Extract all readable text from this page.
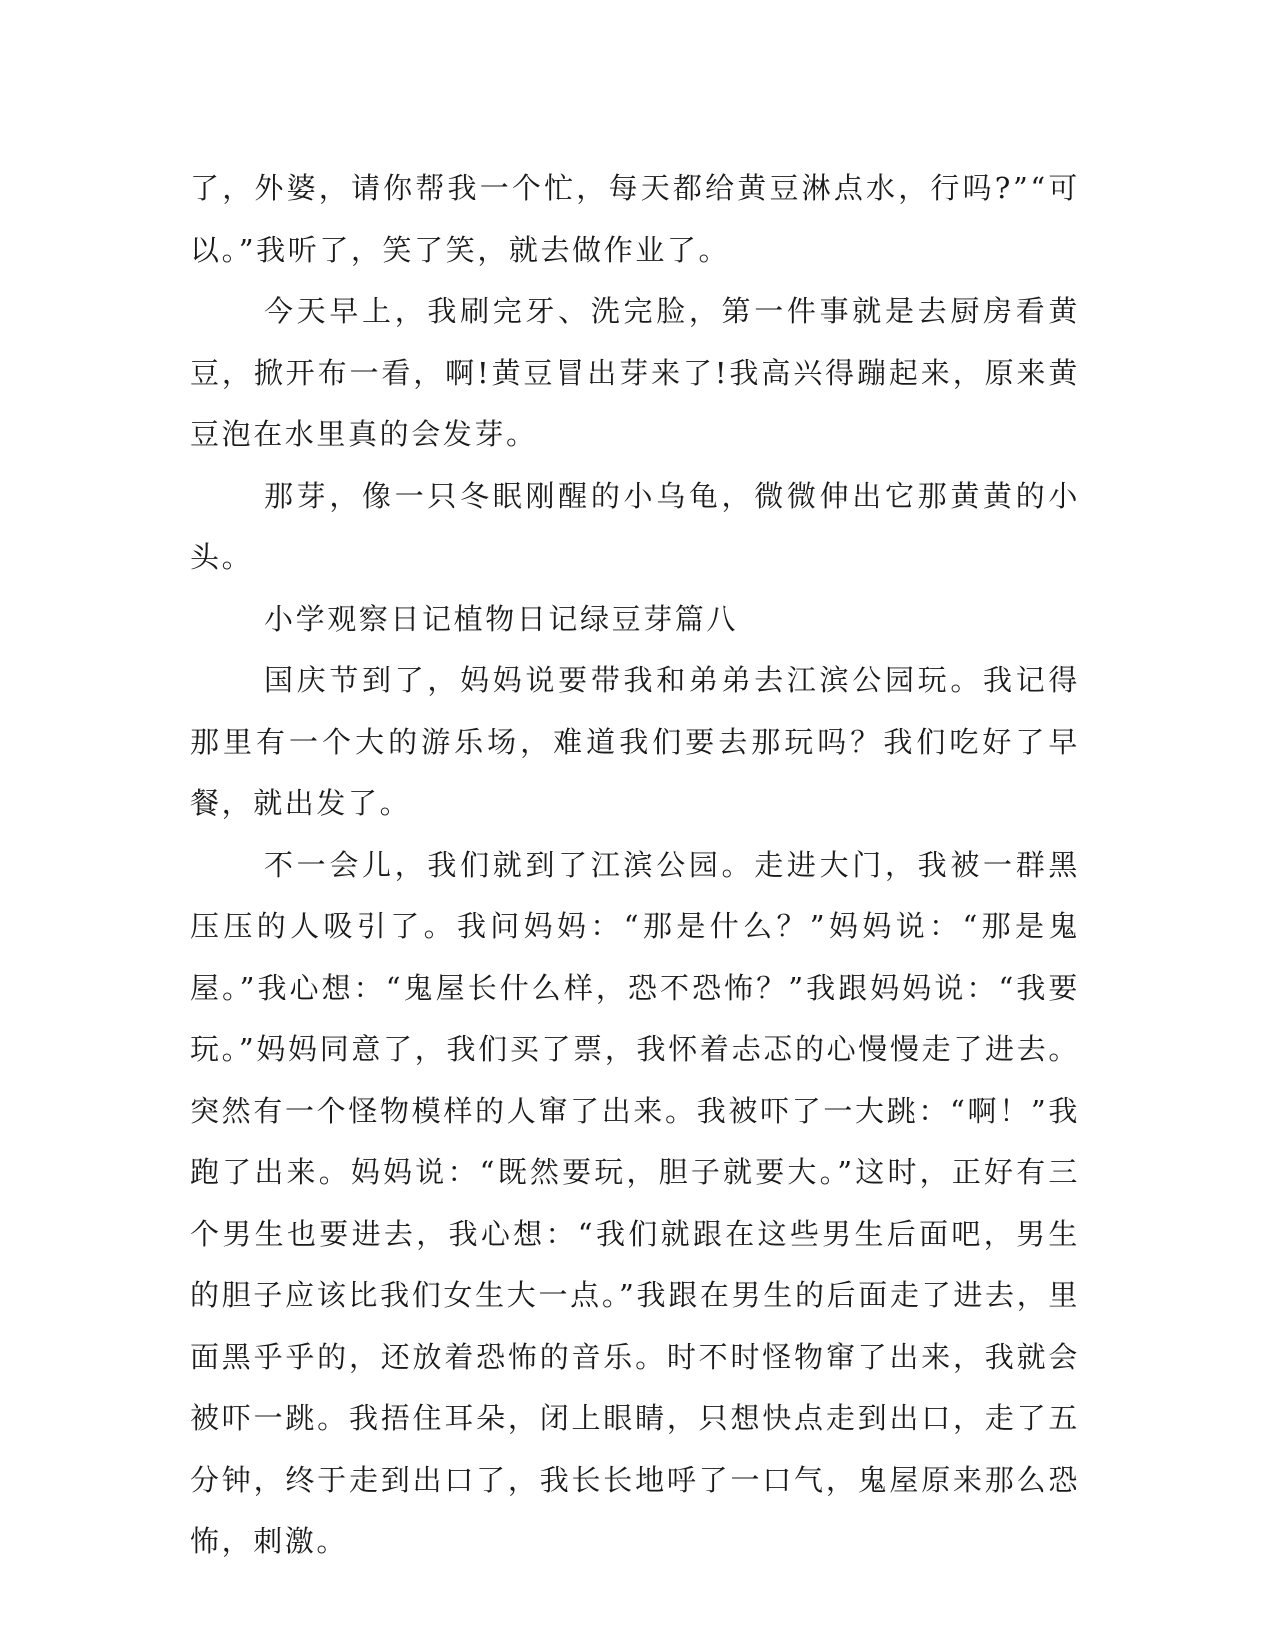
了，外婆，请你帮我一个忙，每天都给黄豆淋点水，行吗?”“可以。”我听了，笑了笑，就去做作业了。

今天早上，我刷完牙、洗完脸，第一件事就是去厨房看黄豆，掀开布一看，啊!黄豆冒出芽来了!我高兴得蹦起来，原来黄豆泡在水里真的会发芽。

那芽，像一只冬眠刚醒的小乌龟，微微伸出它那黄黄的小头。

小学观察日记植物日记绿豆芽篇八

国庆节到了，妈妈说要带我和弟弟去江滨公园玩。我记得那里有一个大的游乐场，难道我们要去那玩吗？我们吃好了早餐，就出发了。

不一会儿，我们就到了江滨公园。走进大门，我被一群黑压压的人吸引了。我问妈妈：“那是什么？”妈妈说：“那是鬼屋。”我心想：“鬼屋长什么样，恐不恐怖？”我跟妈妈说：“我要玩。”妈妈同意了，我们买了票，我怀着忐忑的心慢慢走了进去。突然有一个怪物模样的人窜了出来。我被吓了一大跳：“啊！”我跑了出来。妈妈说：“既然要玩，胆子就要大。”这时，正好有三个男生也要进去，我心想：“我们就跟在这些男生后面吧，男生的胆子应该比我们女生大一点。”我跟在男生的后面走了进去，里面黑乎乎的，还放着恐怖的音乐。时不时怪物窜了出来，我就会被吓一跳。我捂住耳朵，闭上眼睛，只想快点走到出口，走了五分钟，终于走到出口了，我长长地呼了一口气，鬼屋原来那么恐怖，刺激。
